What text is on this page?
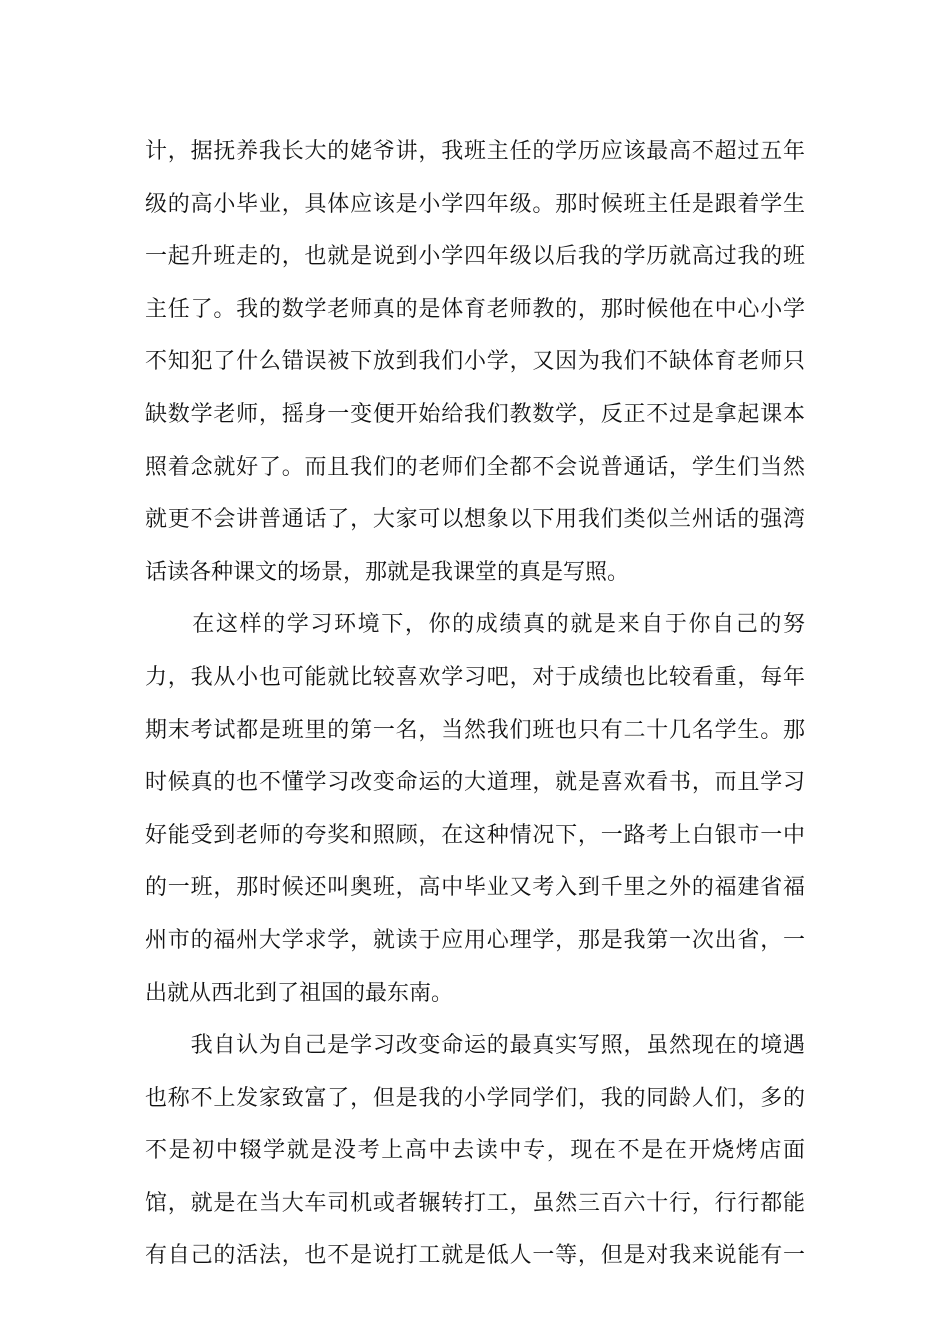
计，据抚养我长大的姥爷讲，我班主任的学历应该最高不超过五年
级的高小毕业，具体应该是小学四年级。那时候班主任是跟着学生
一起升班走的，也就是说到小学四年级以后我的学历就高过我的班
主任了。我的数学老师真的是体育老师教的，那时候他在中心小学
不知犯了什么错误被下放到我们小学，又因为我们不缺体育老师只
缺数学老师，摇身一变便开始给我们教数学，反正不过是拿起课本
照着念就好了。而且我们的老师们全都不会说普通话，学生们当然
就更不会讲普通话了，大家可以想象以下用我们类似兰州话的强湾
话读各种课文的场景，那就是我课堂的真是写照。
　　在这样的学习环境下，你的成绩真的就是来自于你自己的努
力，我从小也可能就比较喜欢学习吧，对于成绩也比较看重，每年
期末考试都是班里的第一名，当然我们班也只有二十几名学生。那
时候真的也不懂学习改变命运的大道理，就是喜欢看书，而且学习
好能受到老师的夸奖和照顾，在这种情况下，一路考上白银市一中
的一班，那时候还叫奥班，高中毕业又考入到千里之外的福建省福
州市的福州大学求学，就读于应用心理学，那是我第一次出省，一
出就从西北到了祖国的最东南。
　　我自认为自己是学习改变命运的最真实写照，虽然现在的境遇
也称不上发家致富了，但是我的小学同学们，我的同龄人们，多的
不是初中辍学就是没考上高中去读中专，现在不是在开烧烤店面
馆，就是在当大车司机或者辗转打工，虽然三百六十行，行行都能
有自己的活法，也不是说打工就是低人一等，但是对我来说能有一
